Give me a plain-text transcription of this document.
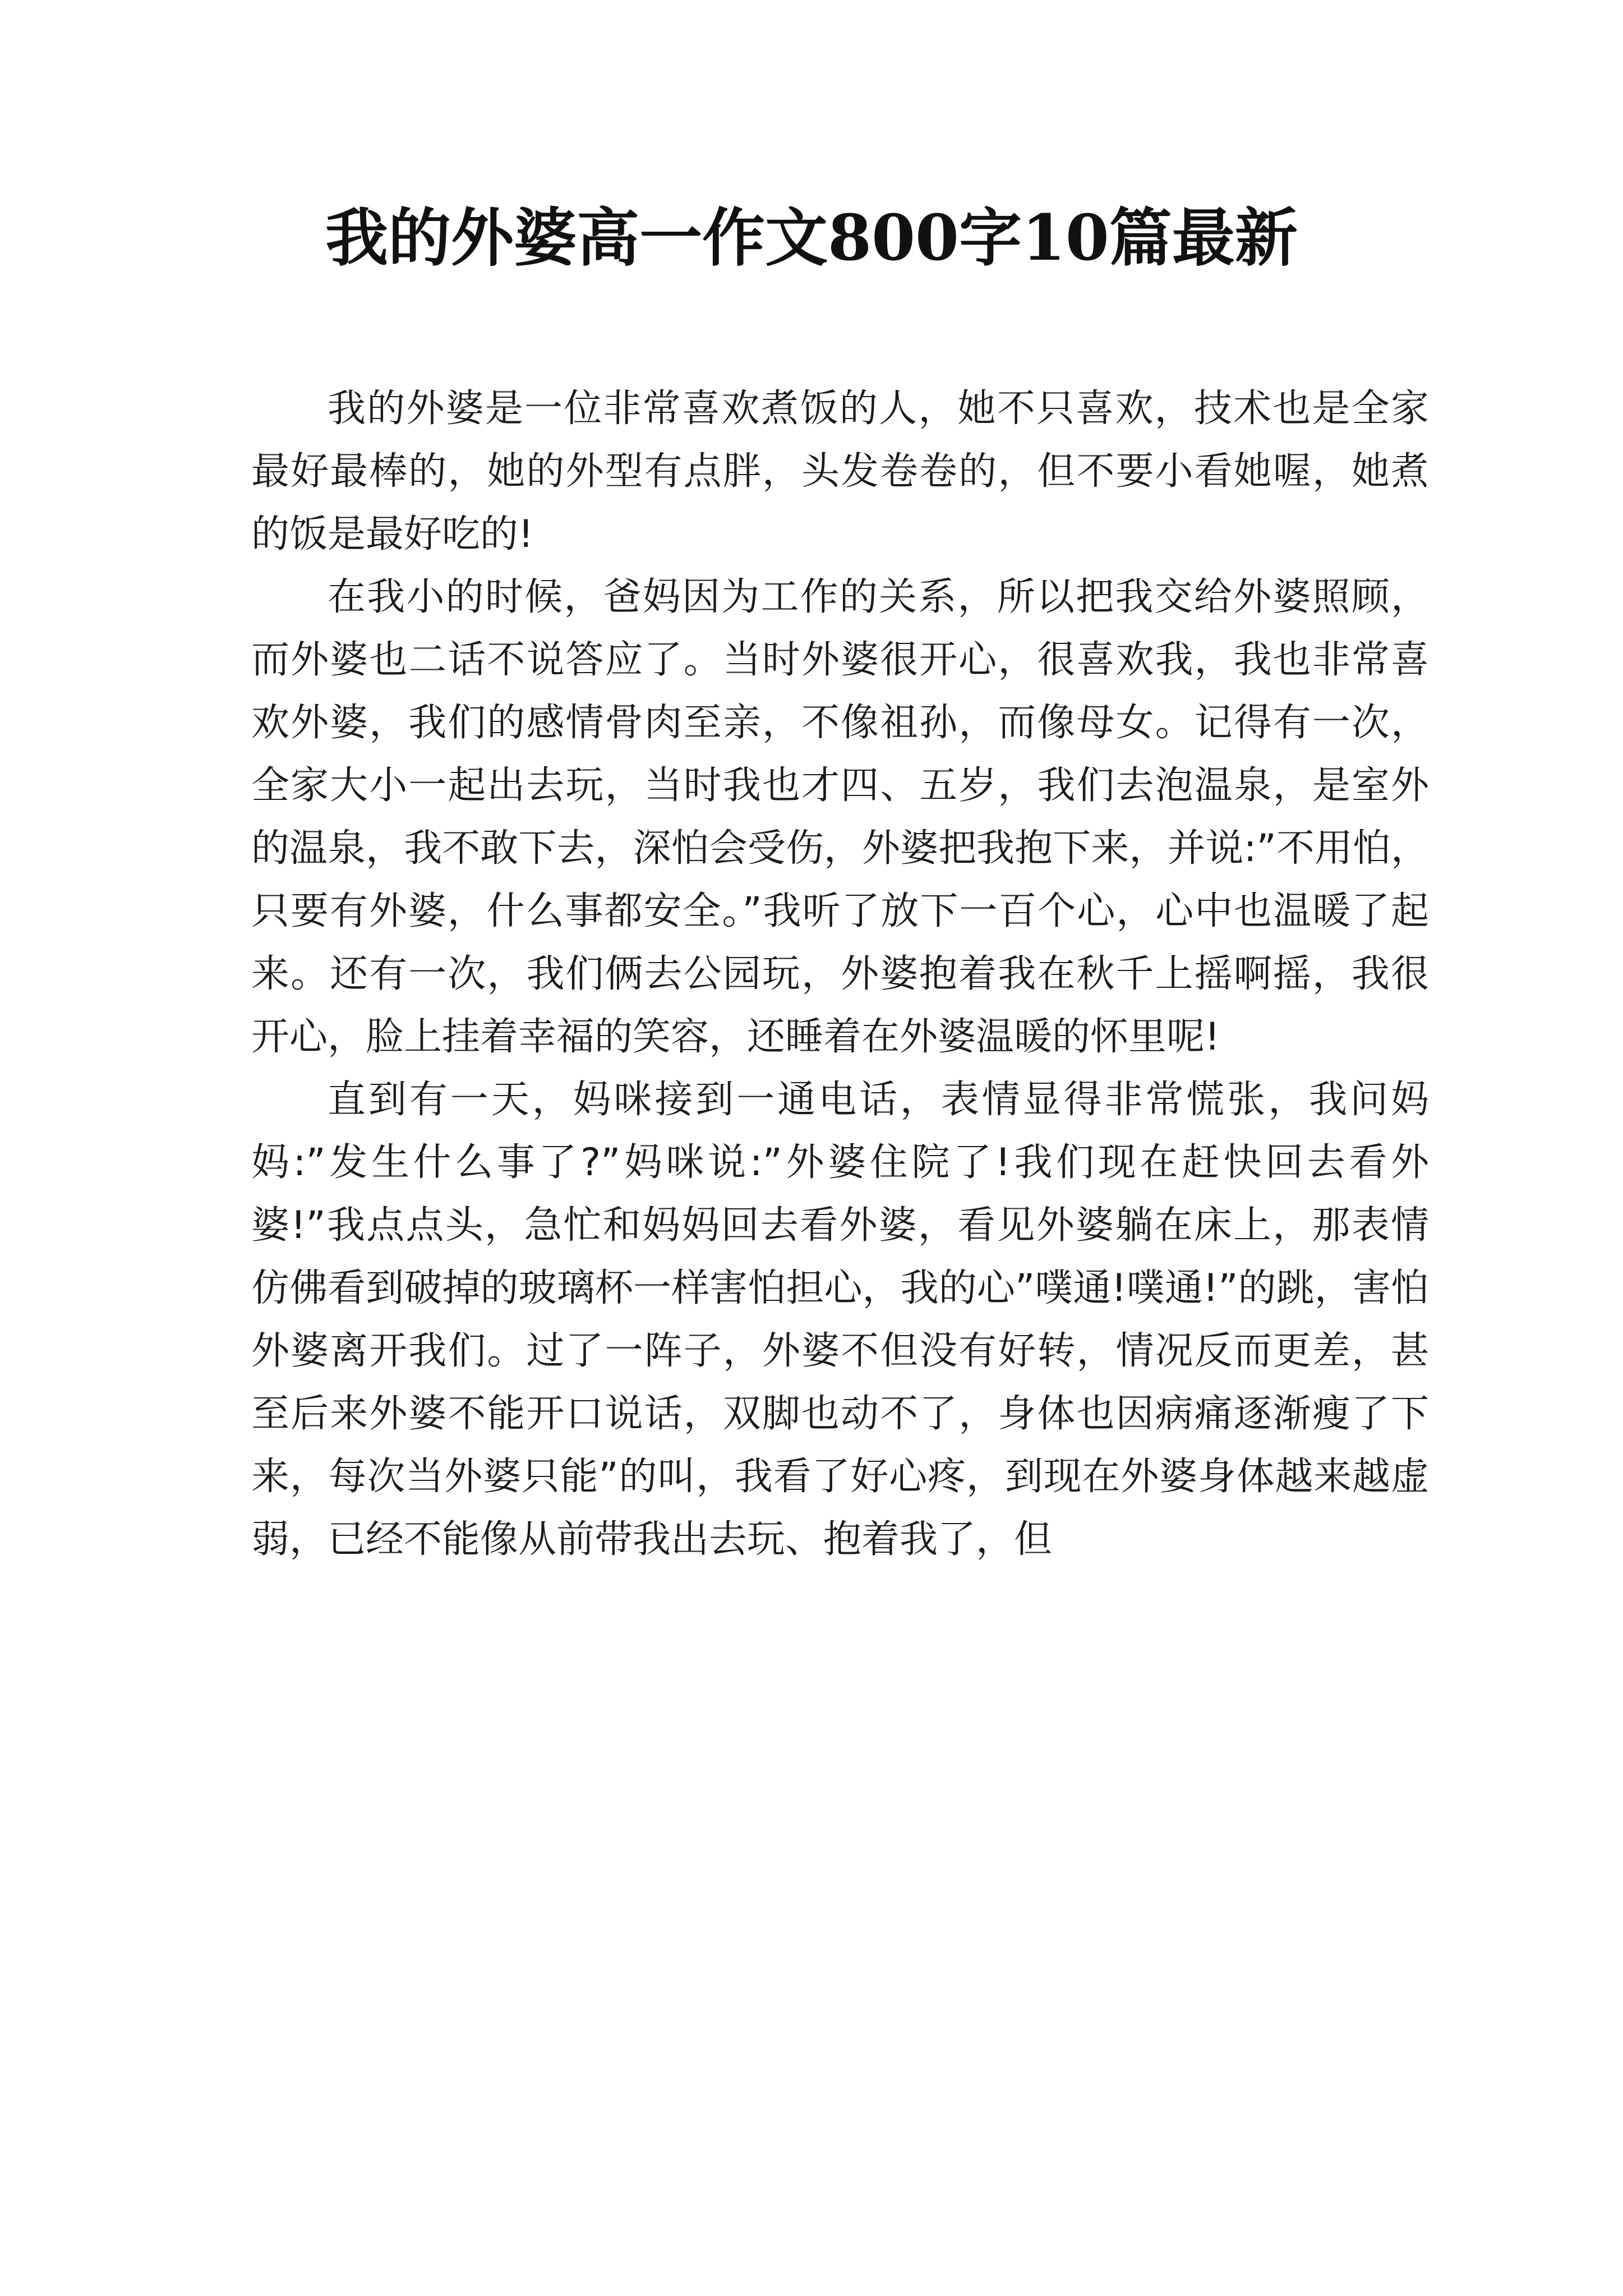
我的外婆高一作文800字10篇最新

我的外婆是一位非常喜欢煮饭的人，她不只喜欢，技术也是全家最好最棒的，她的外型有点胖，头发卷卷的，但不要小看她喔，她煮的饭是最好吃的!

在我小的时候，爸妈因为工作的关系，所以把我交给外婆照顾，而外婆也二话不说答应了。当时外婆很开心，很喜欢我，我也非常喜欢外婆，我们的感情骨肉至亲，不像祖孙，而像母女。记得有一次，全家大小一起出去玩，当时我也才四、五岁，我们去泡温泉，是室外的温泉，我不敢下去，深怕会受伤，外婆把我抱下来，并说:”不用怕，只要有外婆，什么事都安全。”我听了放下一百个心，心中也温暖了起来。还有一次，我们俩去公园玩，外婆抱着我在秋千上摇啊摇，我很开心，脸上挂着幸福的笑容，还睡着在外婆温暖的怀里呢!

直到有一天，妈咪接到一通电话，表情显得非常慌张，我问妈妈:”发生什么事了?”妈咪说:”外婆住院了!我们现在赶快回去看外婆!”我点点头，急忙和妈妈回去看外婆，看见外婆躺在床上，那表情仿佛看到破掉的玻璃杯一样害怕担心，我的心”噗通!噗通!”的跳，害怕外婆离开我们。过了一阵子，外婆不但没有好转，情况反而更差，甚至后来外婆不能开口说话，双脚也动不了，身体也因病痛逐渐瘦了下来，每次当外婆只能”的叫，我看了好心疼，到现在外婆身体越来越虚弱，已经不能像从前带我出去玩、抱着我了，但
